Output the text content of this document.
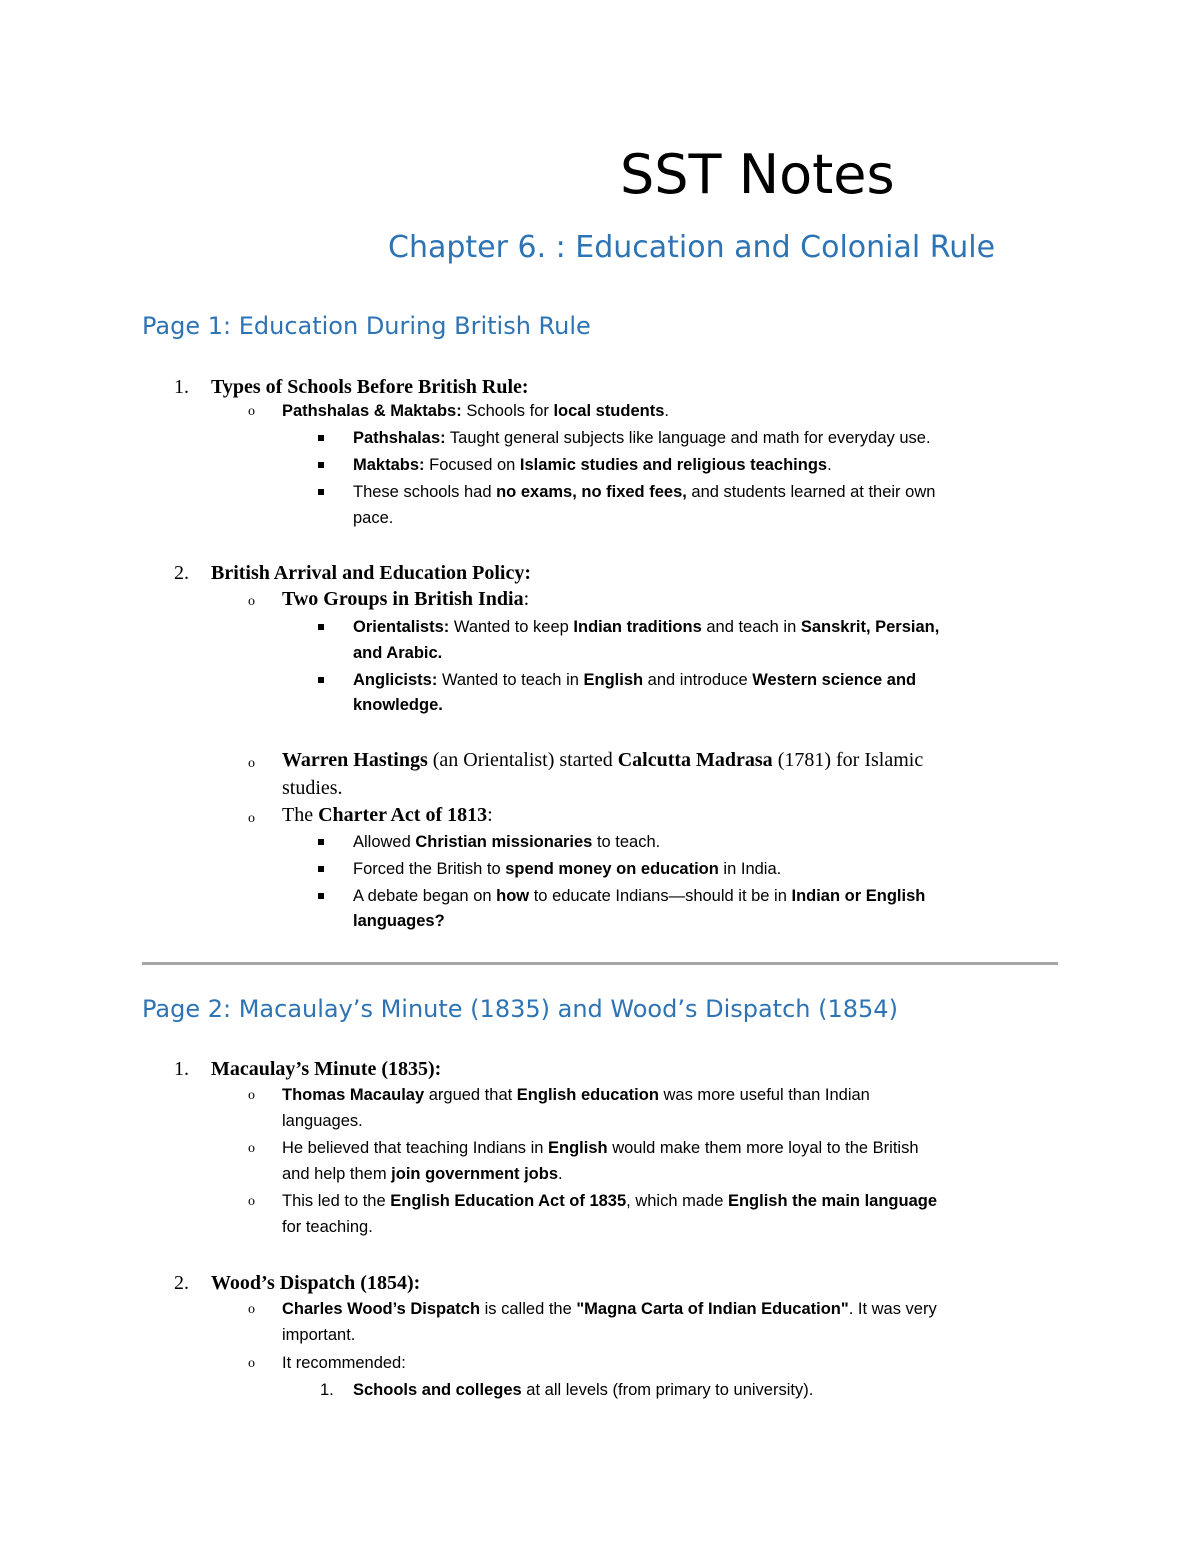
SST Notes
Chapter 6. : Education and Colonial Rule
Page 1: Education During British Rule
1. Types of Schools Before British Rule:
o Pathshalas & Maktabs: Schools for local students.
Pathshalas: Taught general subjects like language and math for everyday use.
Maktabs: Focused on Islamic studies and religious teachings.
These schools had no exams, no fixed fees, and students learned at their own
pace.
2. British Arrival and Education Policy:
o Two Groups in British India:
Orientalists: Wanted to keep Indian traditions and teach in Sanskrit, Persian,
and Arabic.
Anglicists: Wanted to teach in English and introduce Western science and
knowledge.
o Warren Hastings (an Orientalist) started Calcutta Madrasa (1781) for Islamic
studies.
o The Charter Act of 1813:
Allowed Christian missionaries to teach.
Forced the British to spend money on education in India.
A debate began on how to educate Indians—should it be in Indian or English
languages?
Page 2: Macaulay’s Minute (1835) and Wood’s Dispatch (1854)
1. Macaulay’s Minute (1835):
o Thomas Macaulay argued that English education was more useful than Indian
languages.
o He believed that teaching Indians in English would make them more loyal to the British
and help them join government jobs.
o This led to the English Education Act of 1835, which made English the main language
for teaching.
2. Wood’s Dispatch (1854):
o Charles Wood’s Dispatch is called the "Magna Carta of Indian Education". It was very
important.
o It recommended:
1. Schools and colleges at all levels (from primary to university).
